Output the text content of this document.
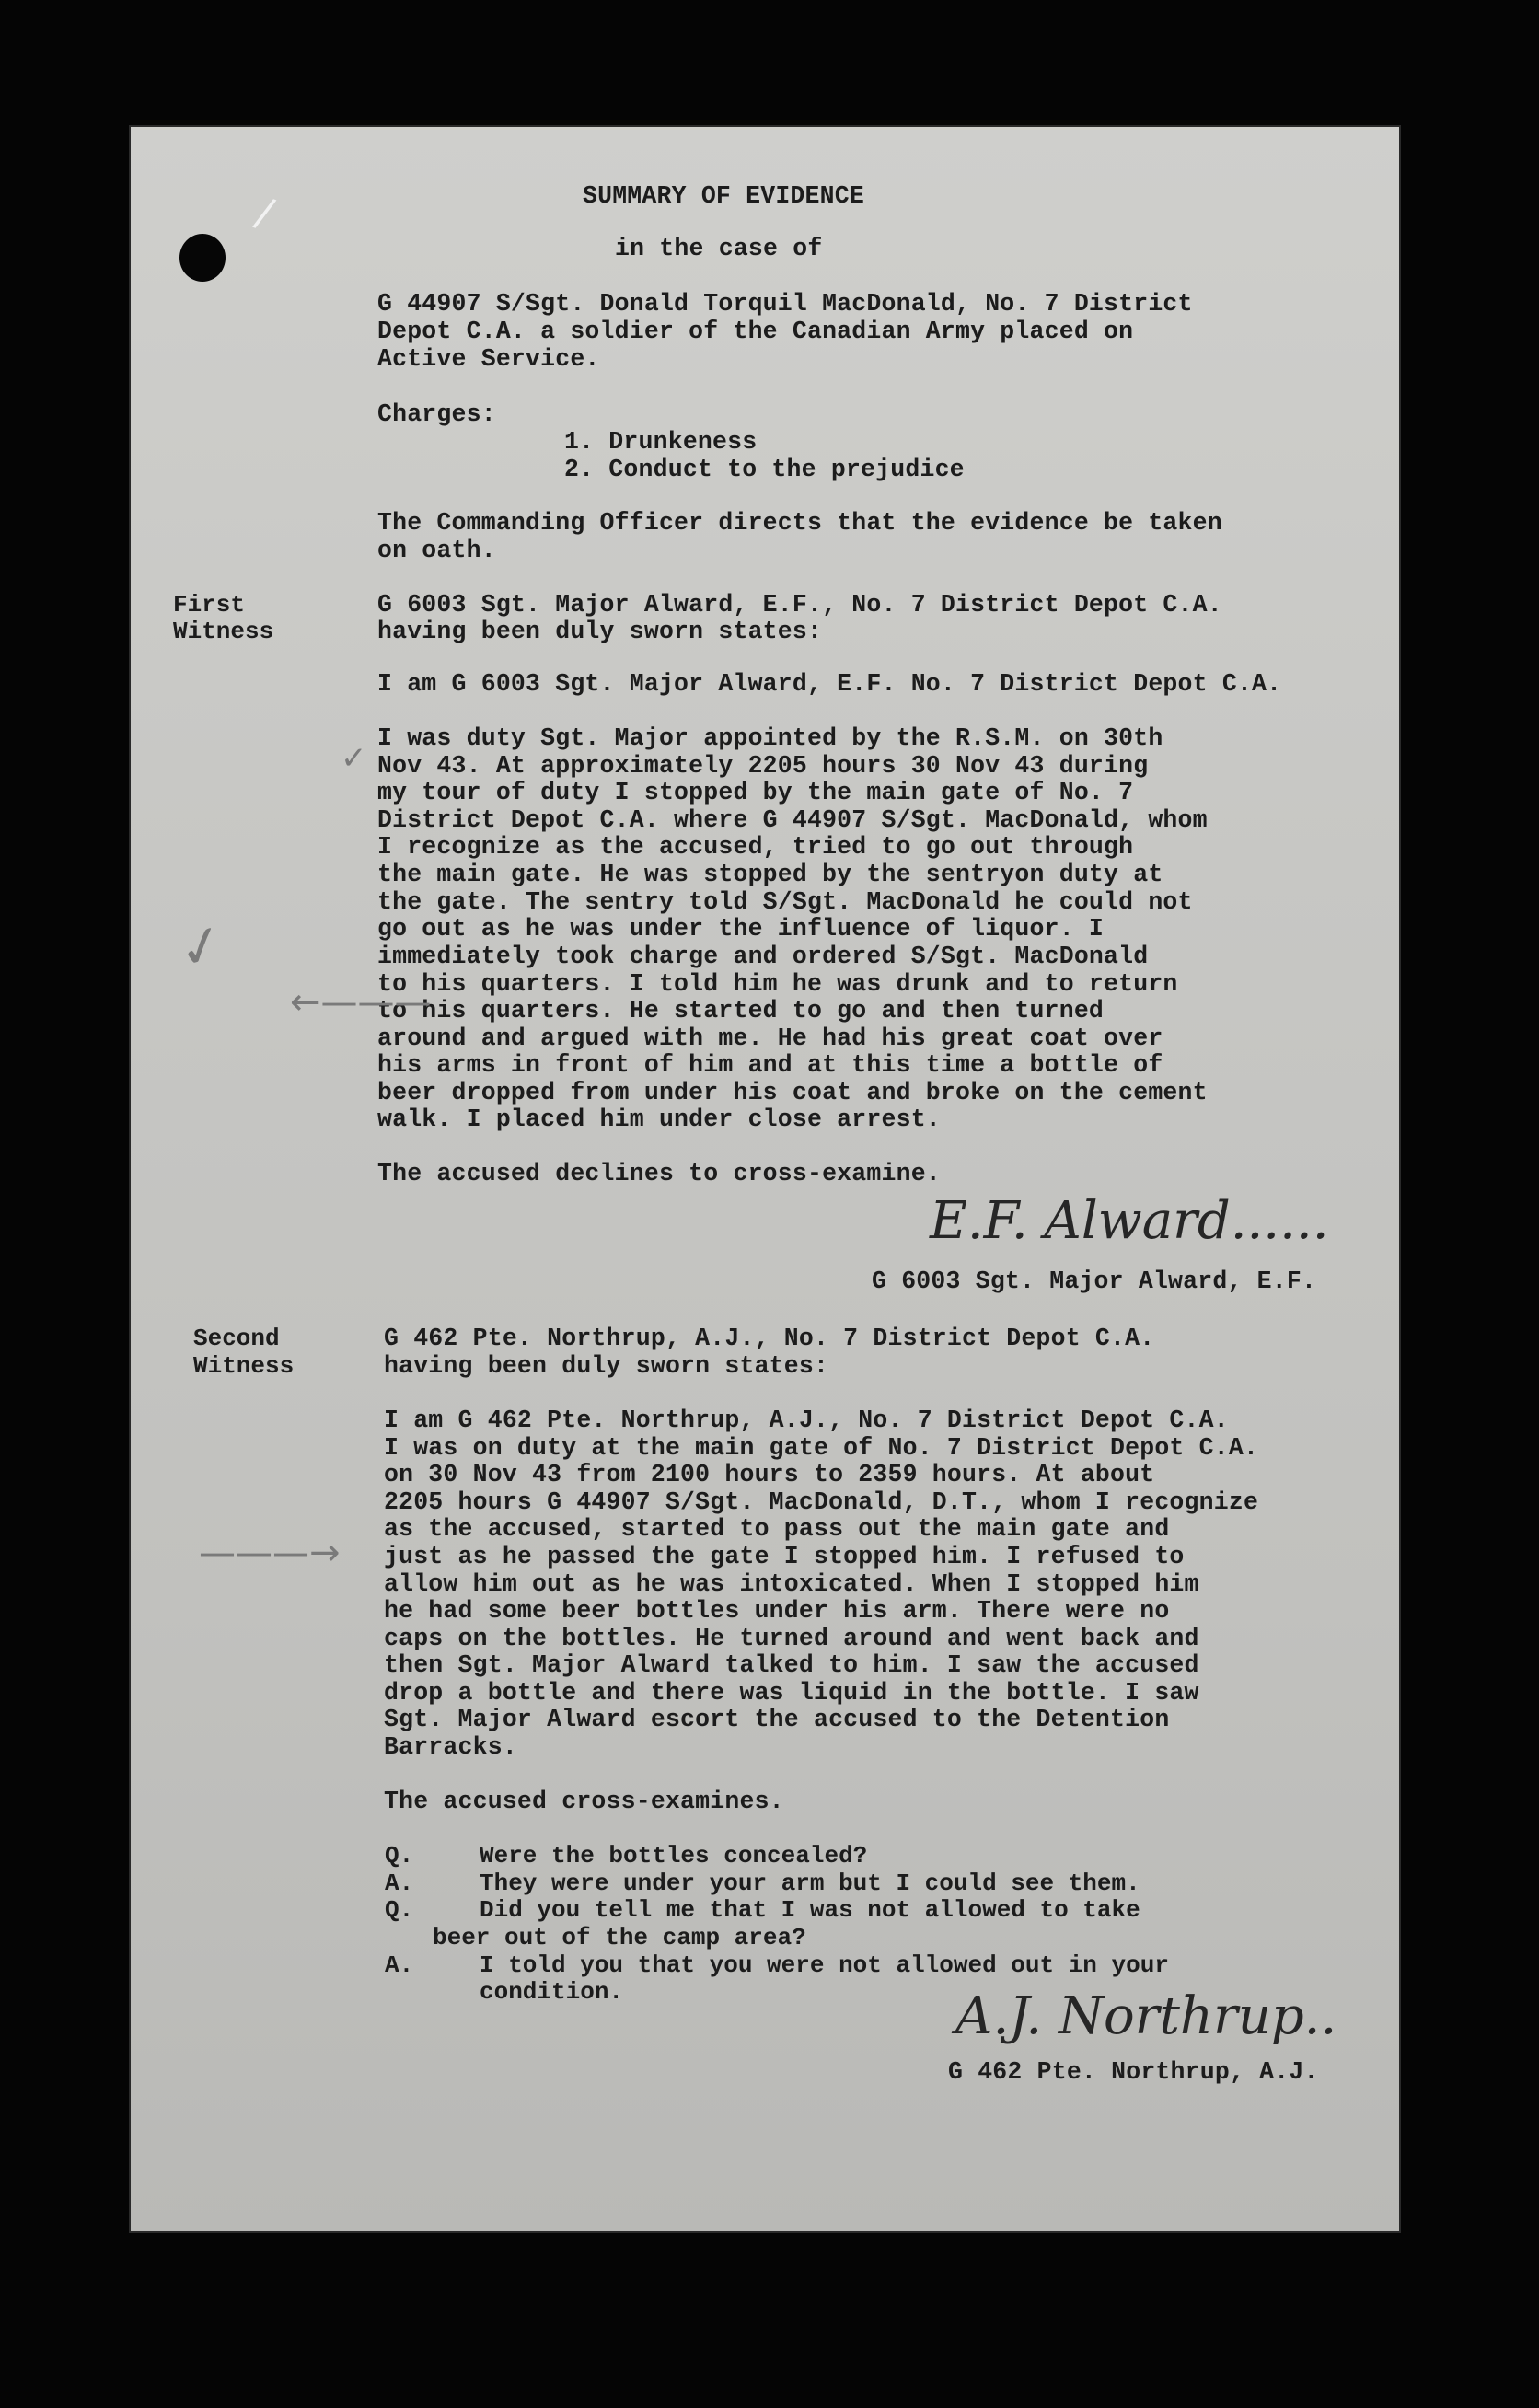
/	SUMMARY OF EVIDENCE
in the case of
G 44907 S/Sgt. Donald Torquil MacDonald, No. 7 District
Depot C.A. a soldier of the Canadian Army placed on
Active Service.
Charges:
1. Drunkeness
2. Conduct to the prejudice
The Commanding Officer directs that the evidence be taken
on oath.
First
Witness
G 6003 Sgt. Major Alward, E.F., No. 7 District Depot C.A.
having been duly sworn states:
I am G 6003 Sgt. Major Alward, E.F. No. 7 District Depot C.A.
I was duty Sgt. Major appointed by the R.S.M. on 30th
Nov 43. At approximately 2205 hours 30 Nov 43 during
my tour of duty I stopped by the main gate of No. 7
District Depot C.A. where G 44907 S/Sgt. MacDonald, whom
I recognize as the accused, tried to go out through
the main gate. He was stopped by the sentryon duty at
the gate. The sentry told S/Sgt. MacDonald he could not
go out as he was under the influence of liquor. I
immediately took charge and ordered S/Sgt. MacDonald
to his quarters. I told him he was drunk and to return
to his quarters. He started to go and then turned
around and argued with me. He had his great coat over
his arms in front of him and at this time a bottle of
beer dropped from under his coat and broke on the cement
walk. I placed him under close arrest.
The accused declines to cross-examine.
E.F. Alward......
G 6003 Sgt. Major Alward, E.F.
✓
✓
←———
———→
Second
Witness
G 462 Pte. Northrup, A.J., No. 7 District Depot C.A.
having been duly sworn states:
I am G 462 Pte. Northrup, A.J., No. 7 District Depot C.A.
I was on duty at the main gate of No. 7 District Depot C.A.
on 30 Nov 43 from 2100 hours to 2359 hours. At about
2205 hours G 44907 S/Sgt. MacDonald, D.T., whom I recognize
as the accused, started to pass out the main gate and
just as he passed the gate I stopped him. I refused to
allow him out as he was intoxicated. When I stopped him
he had some beer bottles under his arm. There were no
caps on the bottles. He turned around and went back and
then Sgt. Major Alward talked to him. I saw the accused
drop a bottle and there was liquid in the bottle. I saw
Sgt. Major Alward escort the accused to the Detention
Barracks.
The accused cross-examines.
Q.	Were the bottles concealed?
A.	They were under your arm but I could see them.
Q.	Did you tell me that I was not allowed to take
beer out of the camp area?
A.	I told you that you were not allowed out in your
condition.	A.J. Northrup..
G 462 Pte. Northrup, A.J.
